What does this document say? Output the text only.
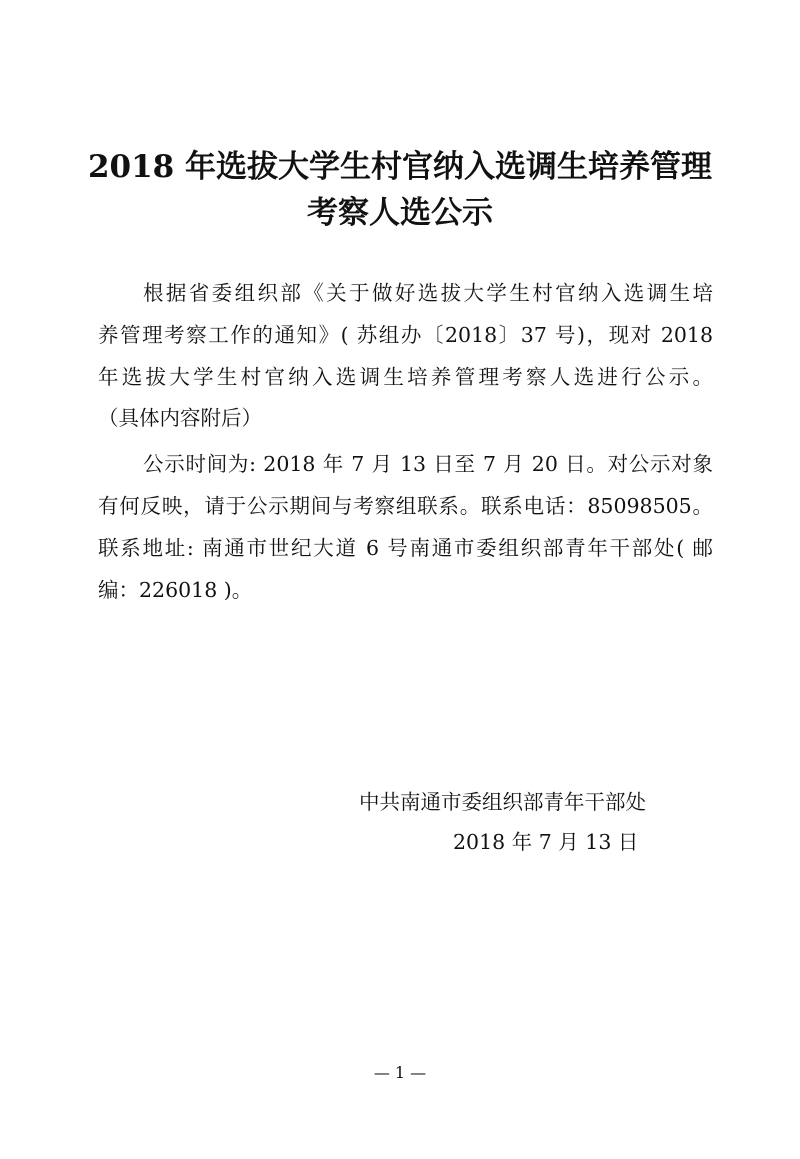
2018 年选拔大学生村官纳入选调生培养管理
考察人选公示

根据省委组织部《关于做好选拔大学生村官纳入选调生培

养管理考察工作的通知》( 苏组办〔2018〕37 号)，现对 2018

年选拔大学生村官纳入选调生培养管理考察人选进行公示。

（具体内容附后）

公示时间为: 2018 年 7 月 13 日至 7 月 20 日。对公示对象

有何反映，请于公示期间与考察组联系。联系电话：85098505。

联系地址: 南通市世纪大道 6 号南通市委组织部青年干部处( 邮

编：226018 )。

中共南通市委组织部青年干部处

2018 年 7 月 13 日

— 1 —
